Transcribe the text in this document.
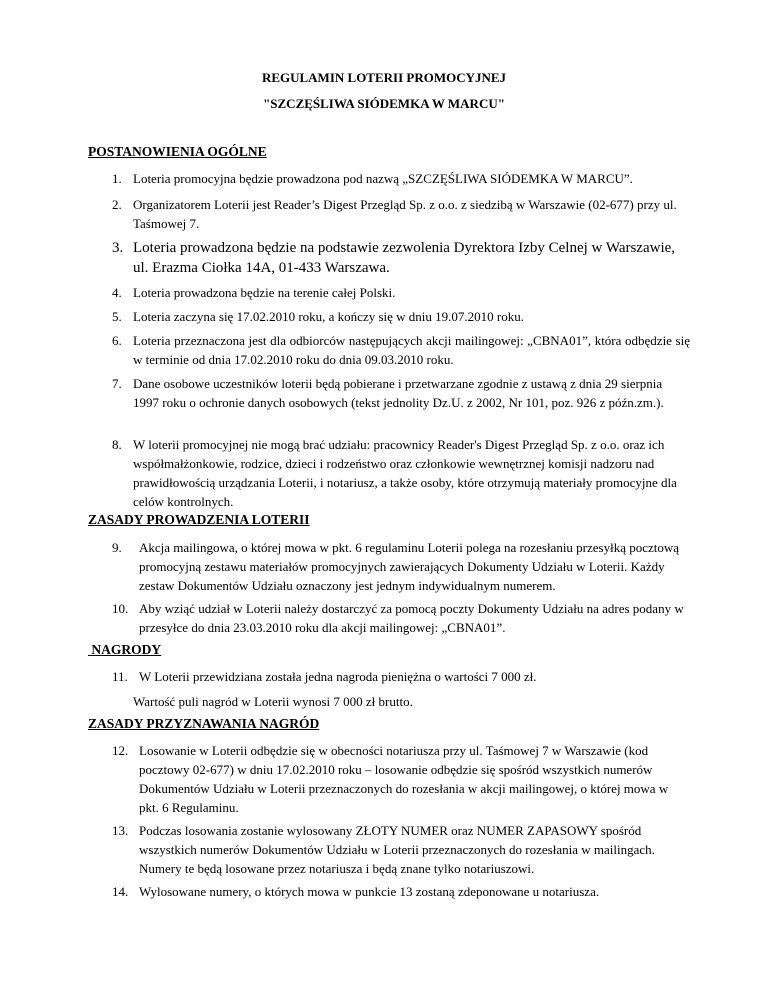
REGULAMIN LOTERII PROMOCYJNEJ
"SZCZĘŚLIWA SIÓDEMKA W MARCU"
POSTANOWIENIA OGÓLNE
1. Loteria promocyjna będzie prowadzona pod nazwą „SZCZĘŚLIWA SIÓDEMKA W MARCU”.
2. Organizatorem Loterii jest Reader’s Digest Przegląd Sp. z o.o. z siedzibą w Warszawie (02-677) przy ul. Taśmowej 7.
3. Loteria prowadzona będzie na podstawie zezwolenia Dyrektora Izby Celnej w Warszawie, ul. Erazma Ciołka 14A, 01-433 Warszawa.
4. Loteria prowadzona będzie na terenie całej Polski.
5. Loteria zaczyna się 17.02.2010 roku, a kończy się w dniu 19.07.2010 roku.
6. Loteria przeznaczona jest dla odbiorców następujących akcji mailingowej: „CBNA01”, która odbędzie się w terminie od dnia 17.02.2010 roku do dnia 09.03.2010 roku.
7. Dane osobowe uczestników loterii będą pobierane i przetwarzane zgodnie z ustawą z dnia 29 sierpnia 1997 roku o ochronie danych osobowych (tekst jednolity Dz.U. z 2002, Nr 101, poz. 926 z późn.zm.).
8. W loterii promocyjnej nie mogą brać udziału: pracownicy Reader's Digest Przegląd Sp. z o.o. oraz ich współmałżonkowie, rodzice, dzieci i rodzeństwo oraz członkowie wewnętrznej komisji nadzoru nad prawidłowością urządzania Loterii, i notariusz, a także osoby, które otrzymują materiały promocyjne dla celów kontrolnych.
ZASADY PROWADZENIA LOTERII
9. Akcja mailingowa, o której mowa w pkt. 6 regulaminu Loterii polega na rozesłaniu przesyłką pocztową promocyjną zestawu materiałów promocyjnych zawierających Dokumenty Udziału w Loterii. Każdy zestaw Dokumentów Udziału oznaczony jest jednym indywidualnym numerem.
10. Aby wziąć udział w Loterii należy dostarczyć za pomocą poczty Dokumenty Udziału na adres podany w przesyłce do dnia 23.03.2010 roku dla akcji mailingowej: „CBNA01”.
NAGRODY
11. W Loterii przewidziana została jedna nagroda pieniężna o wartości 7 000 zł.
Wartość puli nagród w Loterii wynosi 7 000 zł brutto.
ZASADY PRZYZNAWANIA NAGRÓD
12. Losowanie w Loterii odbędzie się w obecności notariusza przy ul. Taśmowej 7 w Warszawie (kod pocztowy 02-677) w dniu 17.02.2010 roku – losowanie odbędzie się spośród wszystkich numerów Dokumentów Udziału w Loterii przeznaczonych do rozesłania w akcji mailingowej, o której mowa w pkt. 6 Regulaminu.
13. Podczas losowania zostanie wylosowany ZŁOTY NUMER oraz NUMER ZAPASOWY spośród wszystkich numerów Dokumentów Udziału w Loterii przeznaczonych do rozesłania w mailingach. Numery te będą losowane przez notariusza i będą znane tylko notariuszowi.
14. Wylosowane numery, o których mowa w punkcie 13 zostaną zdeponowane u notariusza.
